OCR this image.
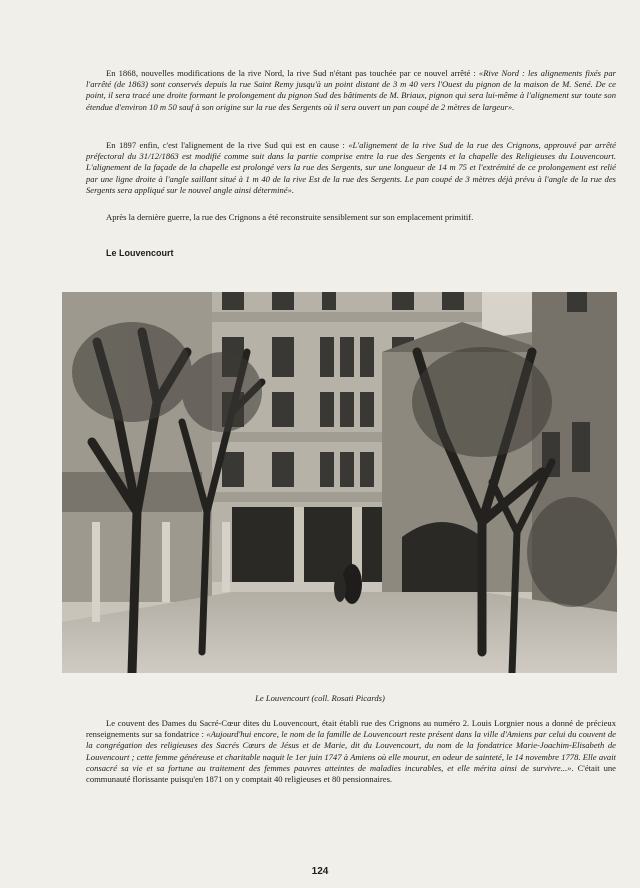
En 1868, nouvelles modifications de la rive Nord, la rive Sud n'étant pas touchée par ce nouvel arrêté : «Rive Nord : les alignements fixés par l'arrêté (de 1863) sont conservés depuis la rue Saint Remy jusqu'à un point distant de 3 m 40 vers l'Ouest du pignon de la maison de M. Sené. De ce point, il sera tracé une droite formant le prolongement du pignon Sud des bâtiments de M. Briaux, pignon qui sera lui-même à l'alignement sur toute son étendue d'environ 10 m 50 sauf à son origine sur la rue des Sergents où il sera ouvert un pan coupé de 2 mètres de largeur».

En 1897 enfin, c'est l'alignement de la rive Sud qui est en cause : «L'alignement de la rive Sud de la rue des Crignons, approuvé par arrêté préfectoral du 31/12/1863 est modifié comme suit dans la partie comprise entre la rue des Sergents et la chapelle des Religieuses du Louvencourt. L'alignement de la façade de la chapelle est prolongé vers la rue des Sergents, sur une longueur de 14 m 75 et l'extrémité de ce prolongement est relié par une ligne droite à l'angle saillant situé à 1 m 40 de la rive Est de la rue des Sergents. Le pan coupé de 3 mètres déjà prévu à l'angle de la rue des Sergents sera appliqué sur le nouvel angle ainsi déterminé».

Après la dernière guerre, la rue des Crignons a été reconstruite sensiblement sur son emplacement primitif.

Le Louvencourt

Le Louvencourt (coll. Rosati Picards)

Le couvent des Dames du Sacré-Cœur dites du Louvencourt, était établi rue des Crignons au numéro 2. Louis Lorgnier nous a donné de précieux renseignements sur sa fondatrice : «Aujourd'hui encore, le nom de la famille de Louvencourt reste présent dans la ville d'Amiens par celui du couvent de la congrégation des religieuses des Sacrés Cœurs de Jésus et de Marie, dit du Louvencourt, du nom de la fondatrice Marie-Joachim-Elisabeth de Louvencourt ; cette femme généreuse et charitable naquit le 1er juin 1747 à Amiens où elle mourut, en odeur de sainteté, le 14 novembre 1778. Elle avait consacré sa vie et sa fortune au traitement des femmes pauvres atteintes de maladies incurables, et elle mérita ainsi de survivre...». C'était une communauté florissante puisqu'en 1871 on y comptait 40 religieuses et 80 pensionnaires.

124
